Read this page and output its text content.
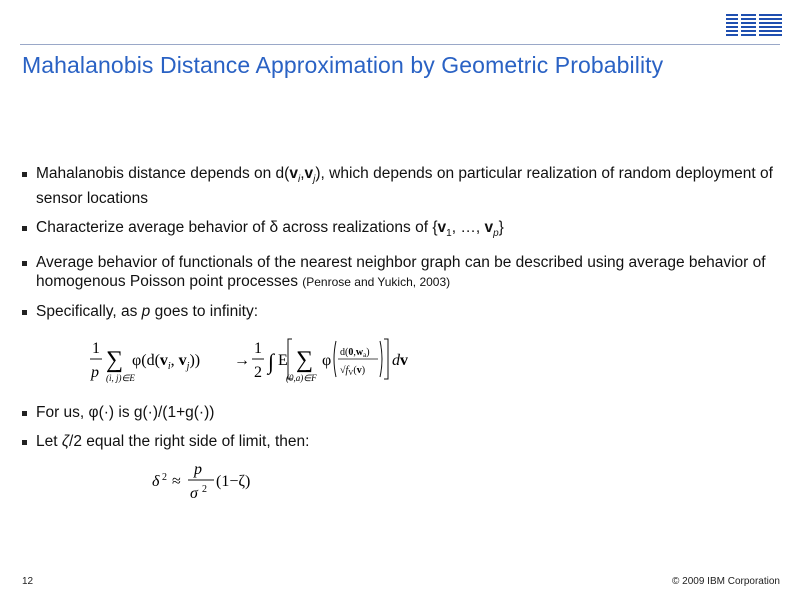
Mahalanobis Distance Approximation by Geometric Probability
Mahalanobis distance depends on $d(v_i,v_j)$, which depends on particular realization of random deployment of sensor locations
Characterize average behavior of δ across realizations of {$v_1$, …, $v_p$}
Average behavior of functionals of the nearest neighbor graph can be described using average behavior of homogenous Poisson point processes (Penrose and Yukich, 2003)
Specifically, as p goes to infinity:
For us, φ(·) is g(·)/(1+g(·))
Let ζ/2 equal the right side of limit, then:
1
p ∑
(i, j)∈E
$\varphi(d(v_i$, $v_j$)) →
1
2 ∫ E ∑
(0,a)∈F
φ $d(0,w_a)$
$√f_V(v)$
dv
δ 2 ≈
p
σ 2 (1−ζ)
12	© 2009 IBM Corporation
